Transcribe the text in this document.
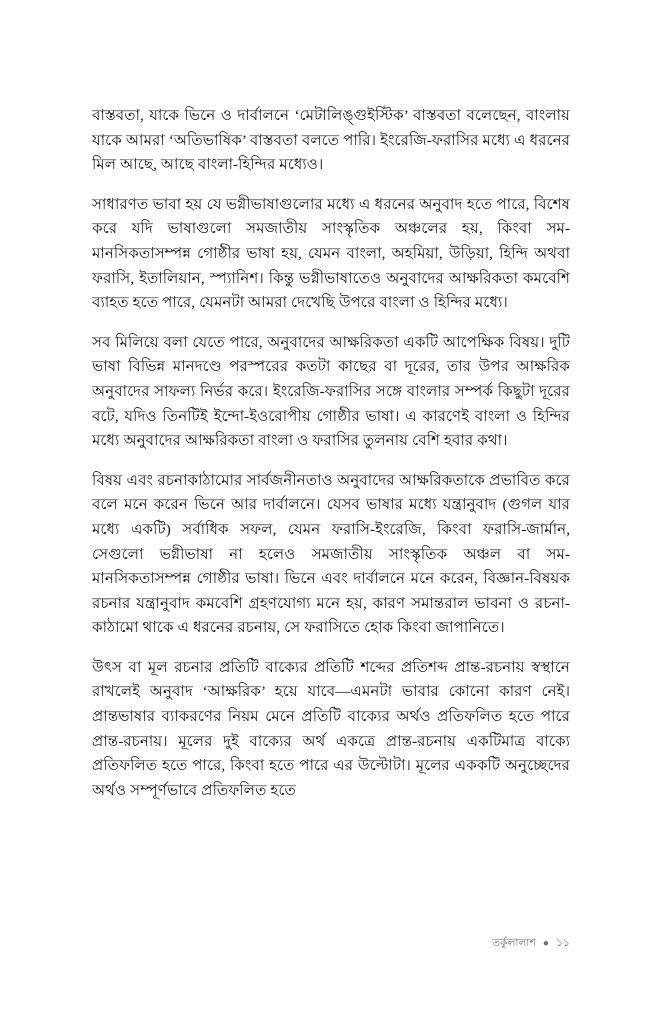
বাস্তবতা, যাকে ভিনে ও দার্বালনে ‘মেটালিঙ্গুইস্টিক’ বাস্তবতা বলেছেন, বাংলায় যাকে আমরা ‘অতিভাষিক’ বাস্তবতা বলতে পারি। ইংরেজি-ফরাসির মধ্যে এ ধরনের মিল আছে, আছে বাংলা-হিন্দির মধ্যেও।

সাধারণত ভাবা হয় যে ভগ্নীভাষাগুলোর মধ্যে এ ধরনের অনুবাদ হতে পারে, বিশেষ করে যদি ভাষাগুলো সমজাতীয় সাংস্কৃতিক অঞ্চলের হয়, কিংবা সম-মানসিকতাসম্পন্ন গোষ্ঠীর ভাষা হয়, যেমন বাংলা, অহমিয়া, উড়িয়া, হিন্দি অথবা ফরাসি, ইতালিয়ান, স্প্যানিশ। কিন্তু ভগ্নীভাষাতেও অনুবাদের আক্ষরিকতা কমবেশি ব্যাহত হতে পারে, যেমনটা আমরা দেখেছি উপরে বাংলা ও হিন্দির মধ্যে।

সব মিলিয়ে বলা যেতে পারে, অনুবাদের আক্ষরিকতা একটি আপেক্ষিক বিষয়। দুটি ভাষা বিভিন্ন মানদণ্ডে পরস্পরের কতটা কাছের বা দূরের, তার উপর আক্ষরিক অনুবাদের সাফল্য নির্ভর করে। ইংরেজি-ফরাসির সঙ্গে বাংলার সম্পর্ক কিছুটা দূরের বটে, যদিও তিনটিই ইন্দো-ইওরোপীয় গোষ্ঠীর ভাষা। এ কারণেই বাংলা ও হিন্দির মধ্যে অনুবাদের আক্ষরিকতা বাংলা ও ফরাসির তুলনায় বেশি হবার কথা।

বিষয় এবং রচনাকাঠামোর সার্বজনীনতাও অনুবাদের আক্ষরিকতাকে প্রভাবিত করে বলে মনে করেন ভিনে আর দার্বালনে। যেসব ভাষার মধ্যে যন্ত্রানুবাদ (গুগল যার মধ্যে একটি) সর্বাধিক সফল, যেমন ফরাসি-ইংরেজি, কিংবা ফরাসি-জার্মান, সেগুলো ভগ্নীভাষা না হলেও সমজাতীয় সাংস্কৃতিক অঞ্চল বা সম-মানসিকতাসম্পন্ন গোষ্ঠীর ভাষা। ভিনে এবং দার্বালনে মনে করেন, বিজ্ঞান-বিষয়ক রচনার যন্ত্রানুবাদ কমবেশি গ্রহণযোগ্য মনে হয়, কারণ সমান্তরাল ভাবনা ও রচনা-কাঠামো থাকে এ ধরনের রচনায়, সে ফরাসিতে হোক কিংবা জাপানিতে।

উৎস বা মূল রচনার প্রতিটি বাক্যের প্রতিটি শব্দের প্রতিশব্দ প্রান্ত-রচনায় স্বস্থানে রাখলেই অনুবাদ ‘আক্ষরিক’ হয়ে যাবে—এমনটা ভাবার কোনো কারণ নেই। প্রান্তভাষার ব্যাকরণের নিয়ম মেনে প্রতিটি বাক্যের অর্থও প্রতিফলিত হতে পারে প্রান্ত-রচনায়। মূলের দুই বাক্যের অর্থ একত্রে প্রান্ত-রচনায় একটিমাত্র বাক্যে প্রতিফলিত হতে পারে, কিংবা হতে পারে এর উল্টোটা। মূলের এককটি অনুচ্ছেদের অর্থও সম্পূর্ণভাবে প্রতিফলিত হতে

তর্কুলালাশ ● ১১
